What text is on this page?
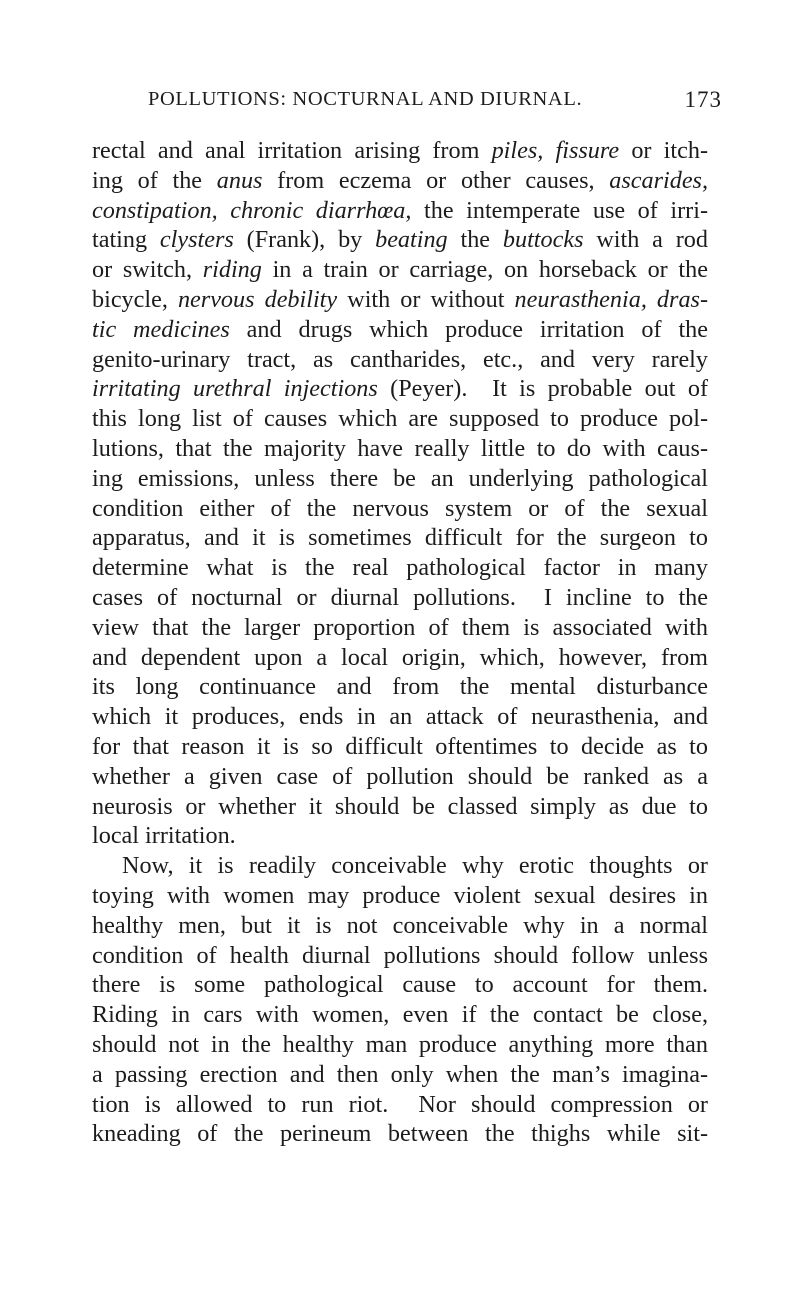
POLLUTIONS: NOCTURNAL AND DIURNAL.	173
rectal and anal irritation arising from piles, fissure or itch-
ing of the anus from eczema or other causes, ascarides,
constipation, chronic diarrhœa, the intemperate use of irri-
tating clysters (Frank), by beating the buttocks with a rod
or switch, riding in a train or carriage, on horseback or the
bicycle, nervous debility with or without neurasthenia, dras-
tic medicines and drugs which produce irritation of the
genito-urinary tract, as cantharides, etc., and very rarely
irritating urethral injections (Peyer).  It is probable out of
this long list of causes which are supposed to produce pol-
lutions, that the majority have really little to do with caus-
ing emissions, unless there be an underlying pathological
condition either of the nervous system or of the sexual
apparatus, and it is sometimes difficult for the surgeon to
determine what is the real pathological factor in many
cases of nocturnal or diurnal pollutions.  I incline to the
view that the larger proportion of them is associated with
and dependent upon a local origin, which, however, from
its long continuance and from the mental disturbance
which it produces, ends in an attack of neurasthenia, and
for that reason it is so difficult oftentimes to decide as to
whether a given case of pollution should be ranked as a
neurosis or whether it should be classed simply as due to
local irritation.
Now, it is readily conceivable why erotic thoughts or
toying with women may produce violent sexual desires in
healthy men, but it is not conceivable why in a normal
condition of health diurnal pollutions should follow unless
there is some pathological cause to account for them.
Riding in cars with women, even if the contact be close,
should not in the healthy man produce anything more than
a passing erection and then only when the man’s imagina-
tion is allowed to run riot.  Nor should compression or
kneading of the perineum between the thighs while sit-
